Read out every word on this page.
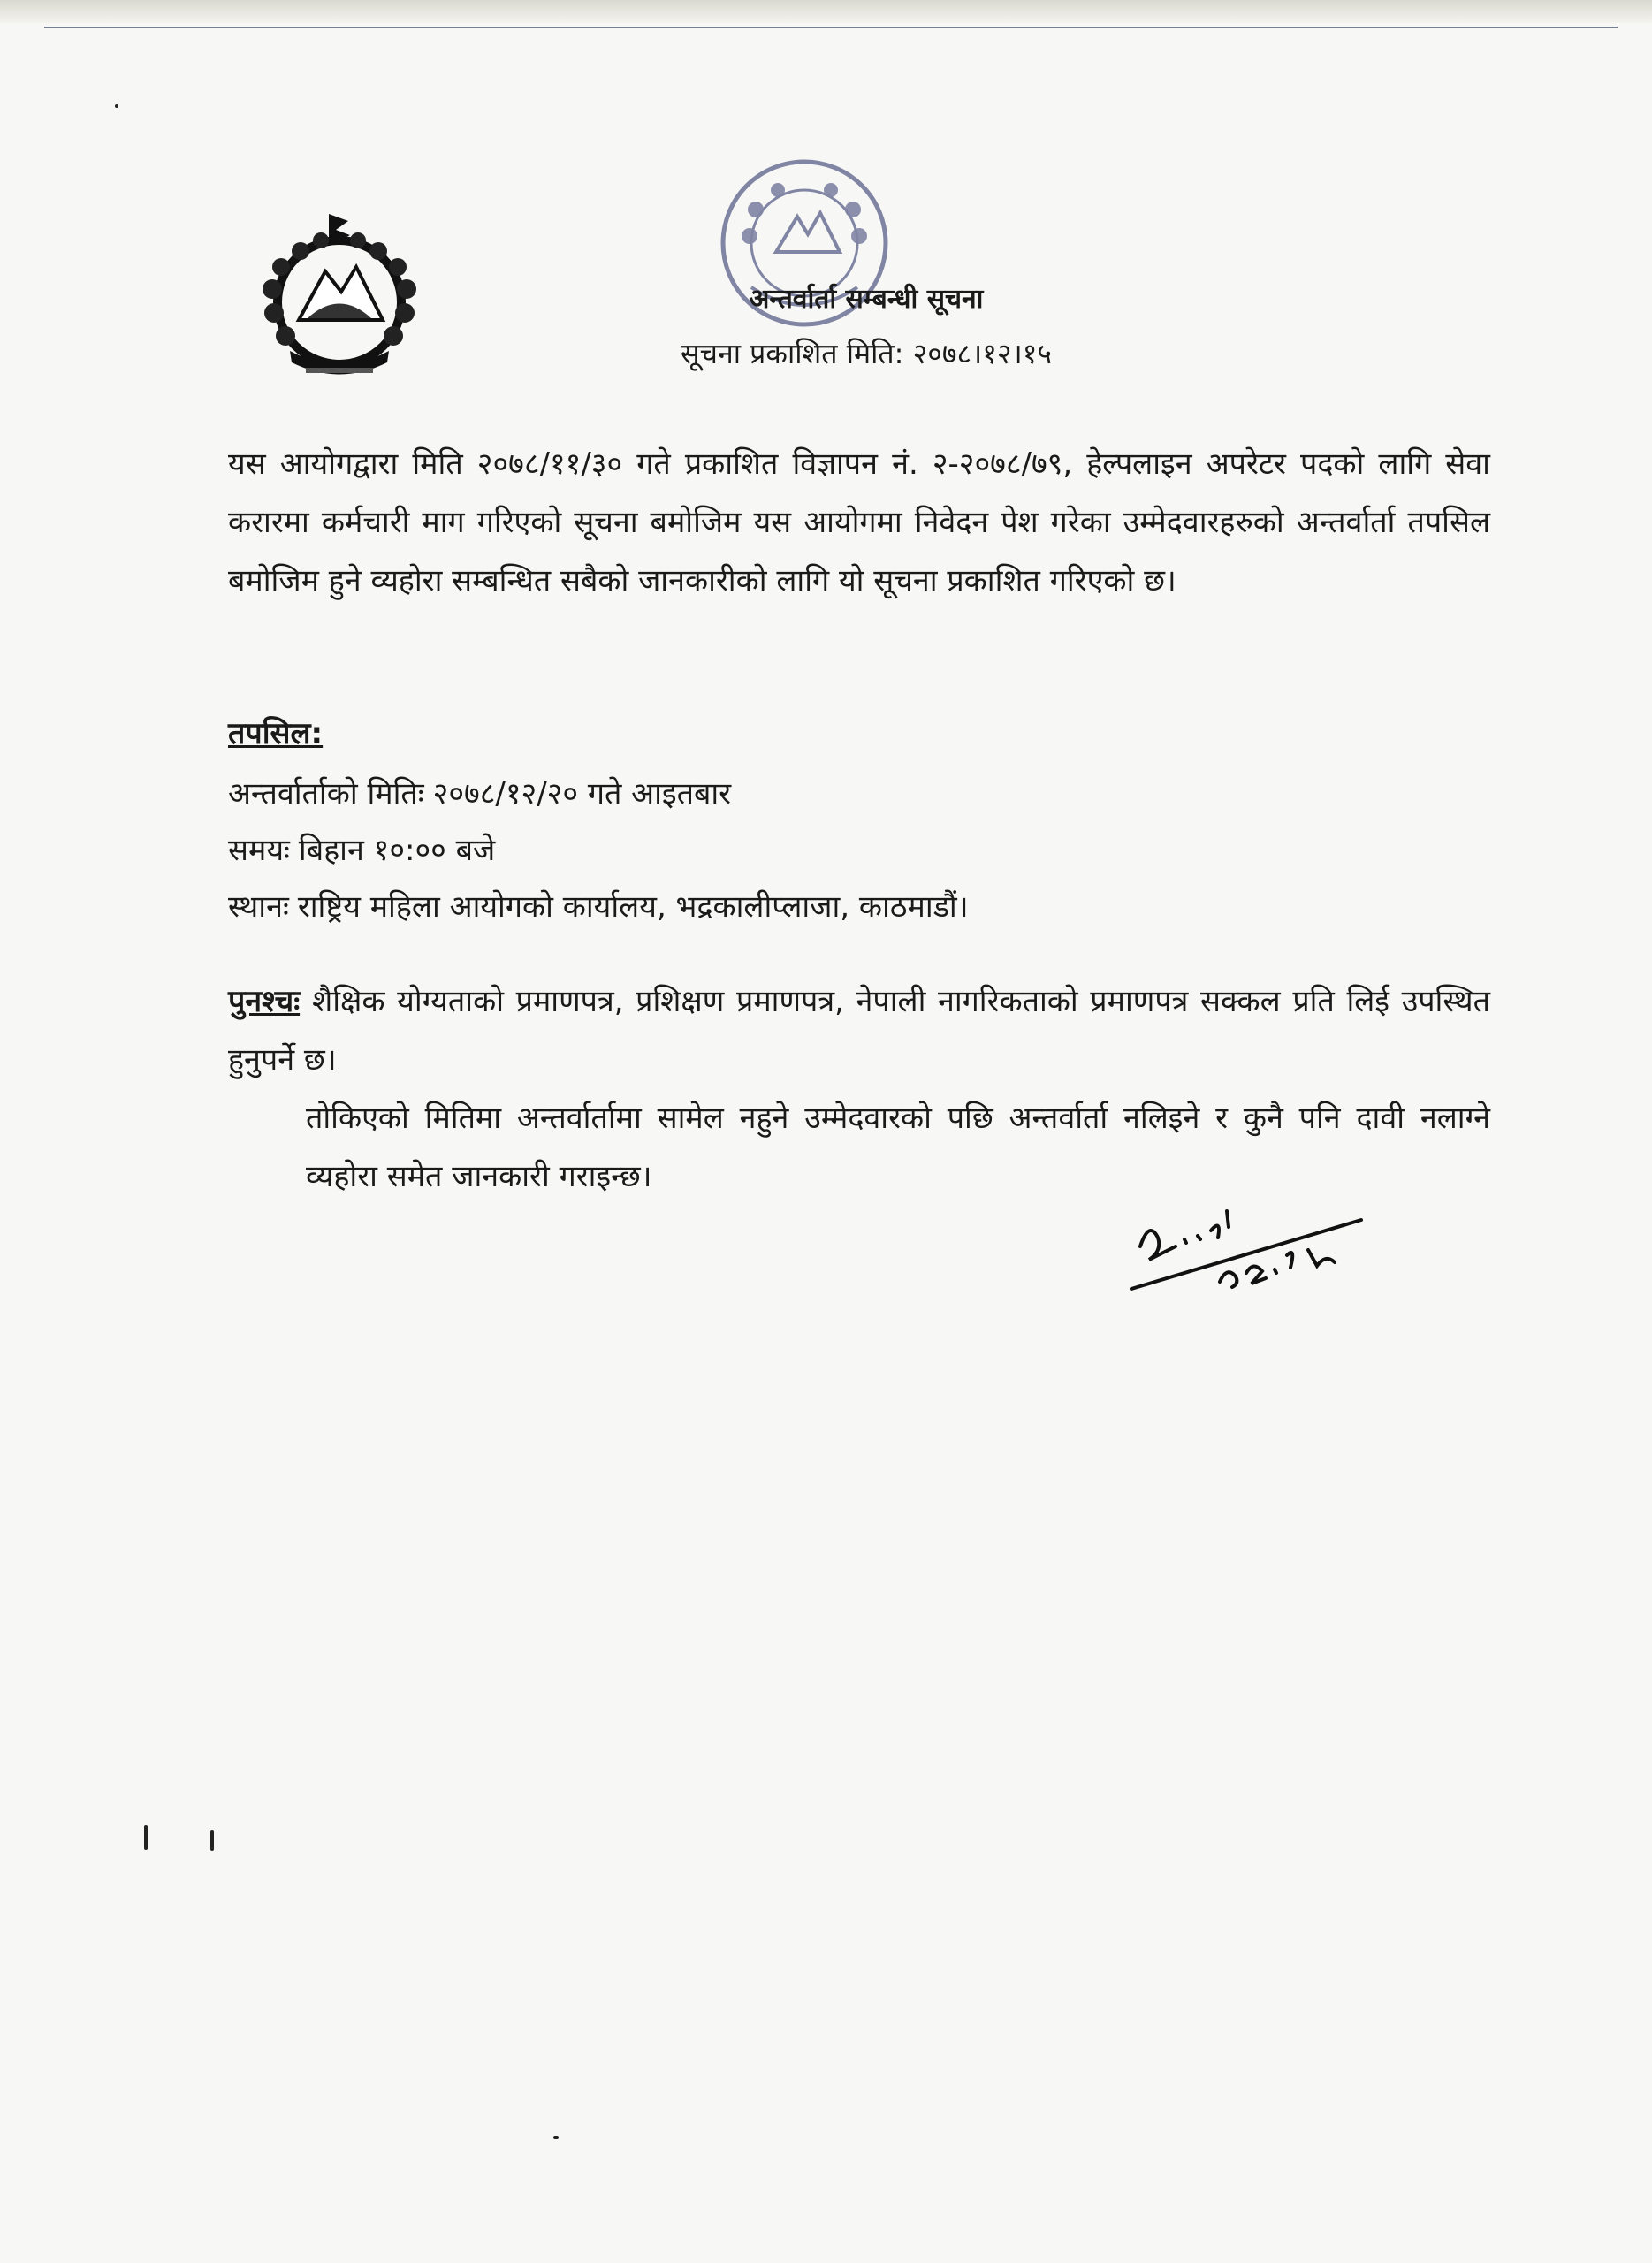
अन्तर्वार्ता सम्बन्धी सूचना

सूचना प्रकाशित मिति: २०७८।१२।१५

यस आयोगद्वारा मिति २०७८/११/३० गते प्रकाशित विज्ञापन नं. २-२०७८/७९, हेल्पलाइन अपरेटर पदको लागि सेवा करारमा कर्मचारी माग गरिएको सूचना बमोजिम यस आयोगमा निवेदन पेश गरेका उम्मेदवारहरुको अन्तर्वार्ता तपसिल बमोजिम हुने व्यहोरा सम्बन्धित सबैको जानकारीको लागि यो सूचना प्रकाशित गरिएको छ।

तपसिल:

अन्तर्वार्ताको मितिः २०७८/१२/२० गते आइतबार

समयः बिहान १०:०० बजे

स्थानः राष्ट्रिय महिला आयोगको कार्यालय, भद्रकालीप्लाजा, काठमाडौं।

पुनश्चः शैक्षिक योग्यताको प्रमाणपत्र, प्रशिक्षण प्रमाणपत्र, नेपाली नागरिकताको प्रमाणपत्र सक्कल प्रति लिई उपस्थित हुनुपर्ने छ।

तोकिएको मितिमा अन्तर्वार्तामा सामेल नहुने उम्मेदवारको पछि अन्तर्वार्ता नलिइने र कुनै पनि दावी नलाग्ने व्यहोरा समेत जानकारी गराइन्छ।
